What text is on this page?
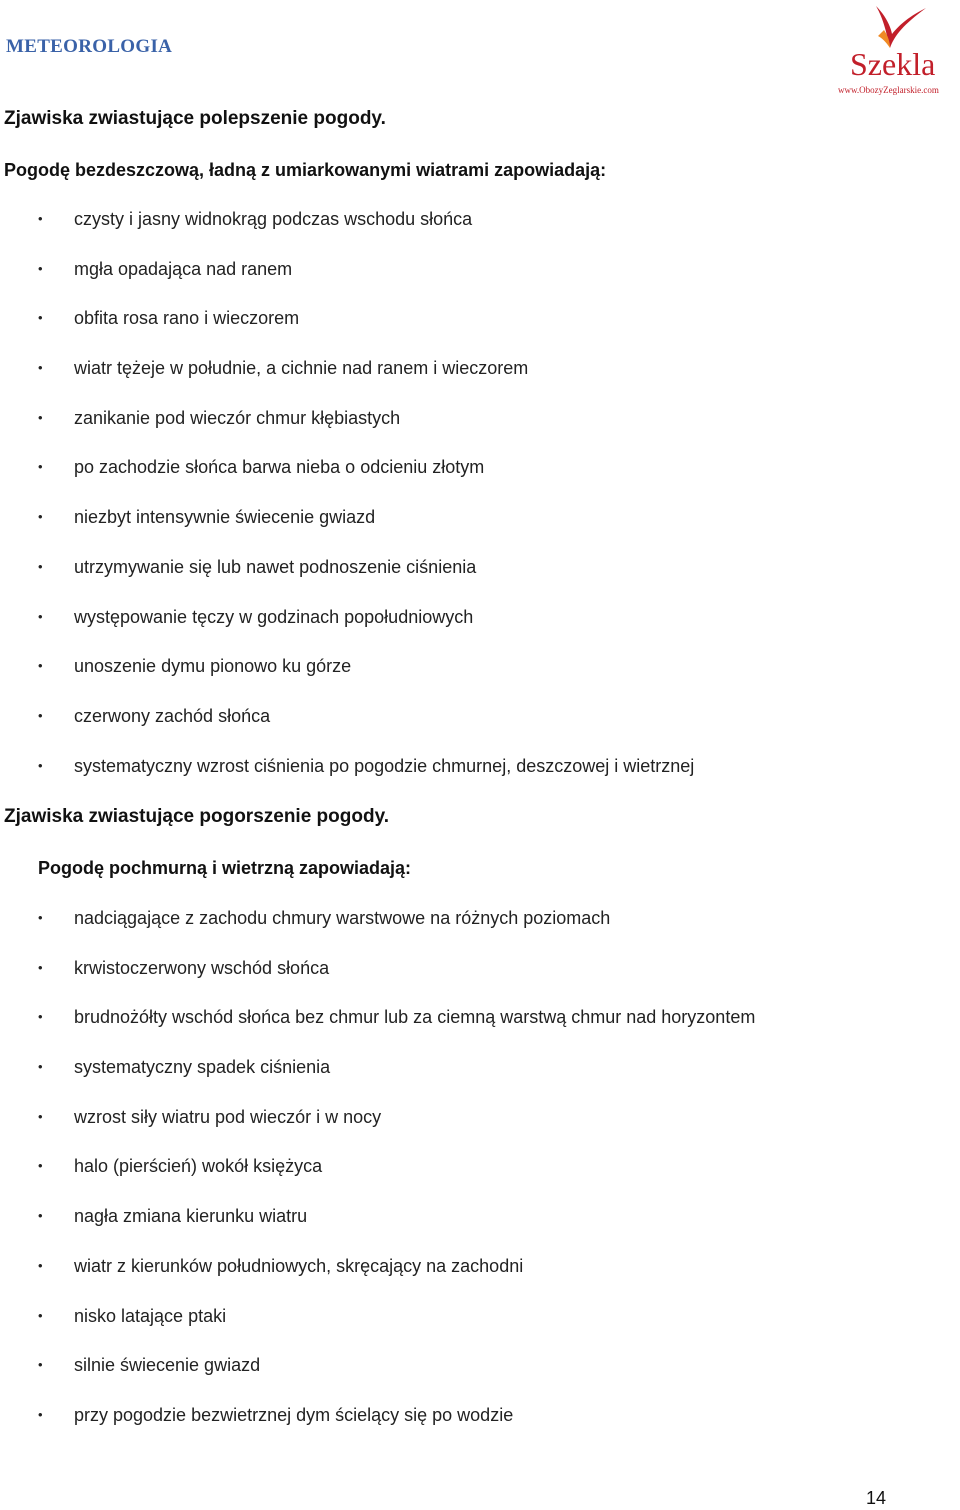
METEOROLOGIA	Szekla
www.ObozyZeglarskie.com
Zjawiska zwiastujące polepszenie pogody.
Pogodę bezdeszczową, ładną z umiarkowanymi wiatrami zapowiadają:
• czysty i jasny widnokrąg podczas wschodu słońca
• mgła opadająca nad ranem
• obfita rosa rano i wieczorem
• wiatr tężeje w południe, a cichnie nad ranem i wieczorem
• zanikanie pod wieczór chmur kłębiastych
• po zachodzie słońca barwa nieba o odcieniu złotym
• niezbyt intensywnie świecenie gwiazd
• utrzymywanie się lub nawet podnoszenie ciśnienia
• występowanie tęczy w godzinach popołudniowych
• unoszenie dymu pionowo ku górze
• czerwony zachód słońca
• systematyczny wzrost ciśnienia po pogodzie chmurnej, deszczowej i wietrznej
Zjawiska zwiastujące pogorszenie pogody.
Pogodę pochmurną i wietrzną zapowiadają:
• nadciągające z zachodu chmury warstwowe na różnych poziomach
• krwistoczerwony wschód słońca
• brudnożółty wschód słońca bez chmur lub za ciemną warstwą chmur nad horyzontem
• systematyczny spadek ciśnienia
• wzrost siły wiatru pod wieczór i w nocy
• halo (pierścień) wokół księżyca
• nagła zmiana kierunku wiatru
• wiatr z kierunków południowych, skręcający na zachodni
• nisko latające ptaki
• silnie świecenie gwiazd
• przy pogodzie bezwietrznej dym ścielący się po wodzie
14
